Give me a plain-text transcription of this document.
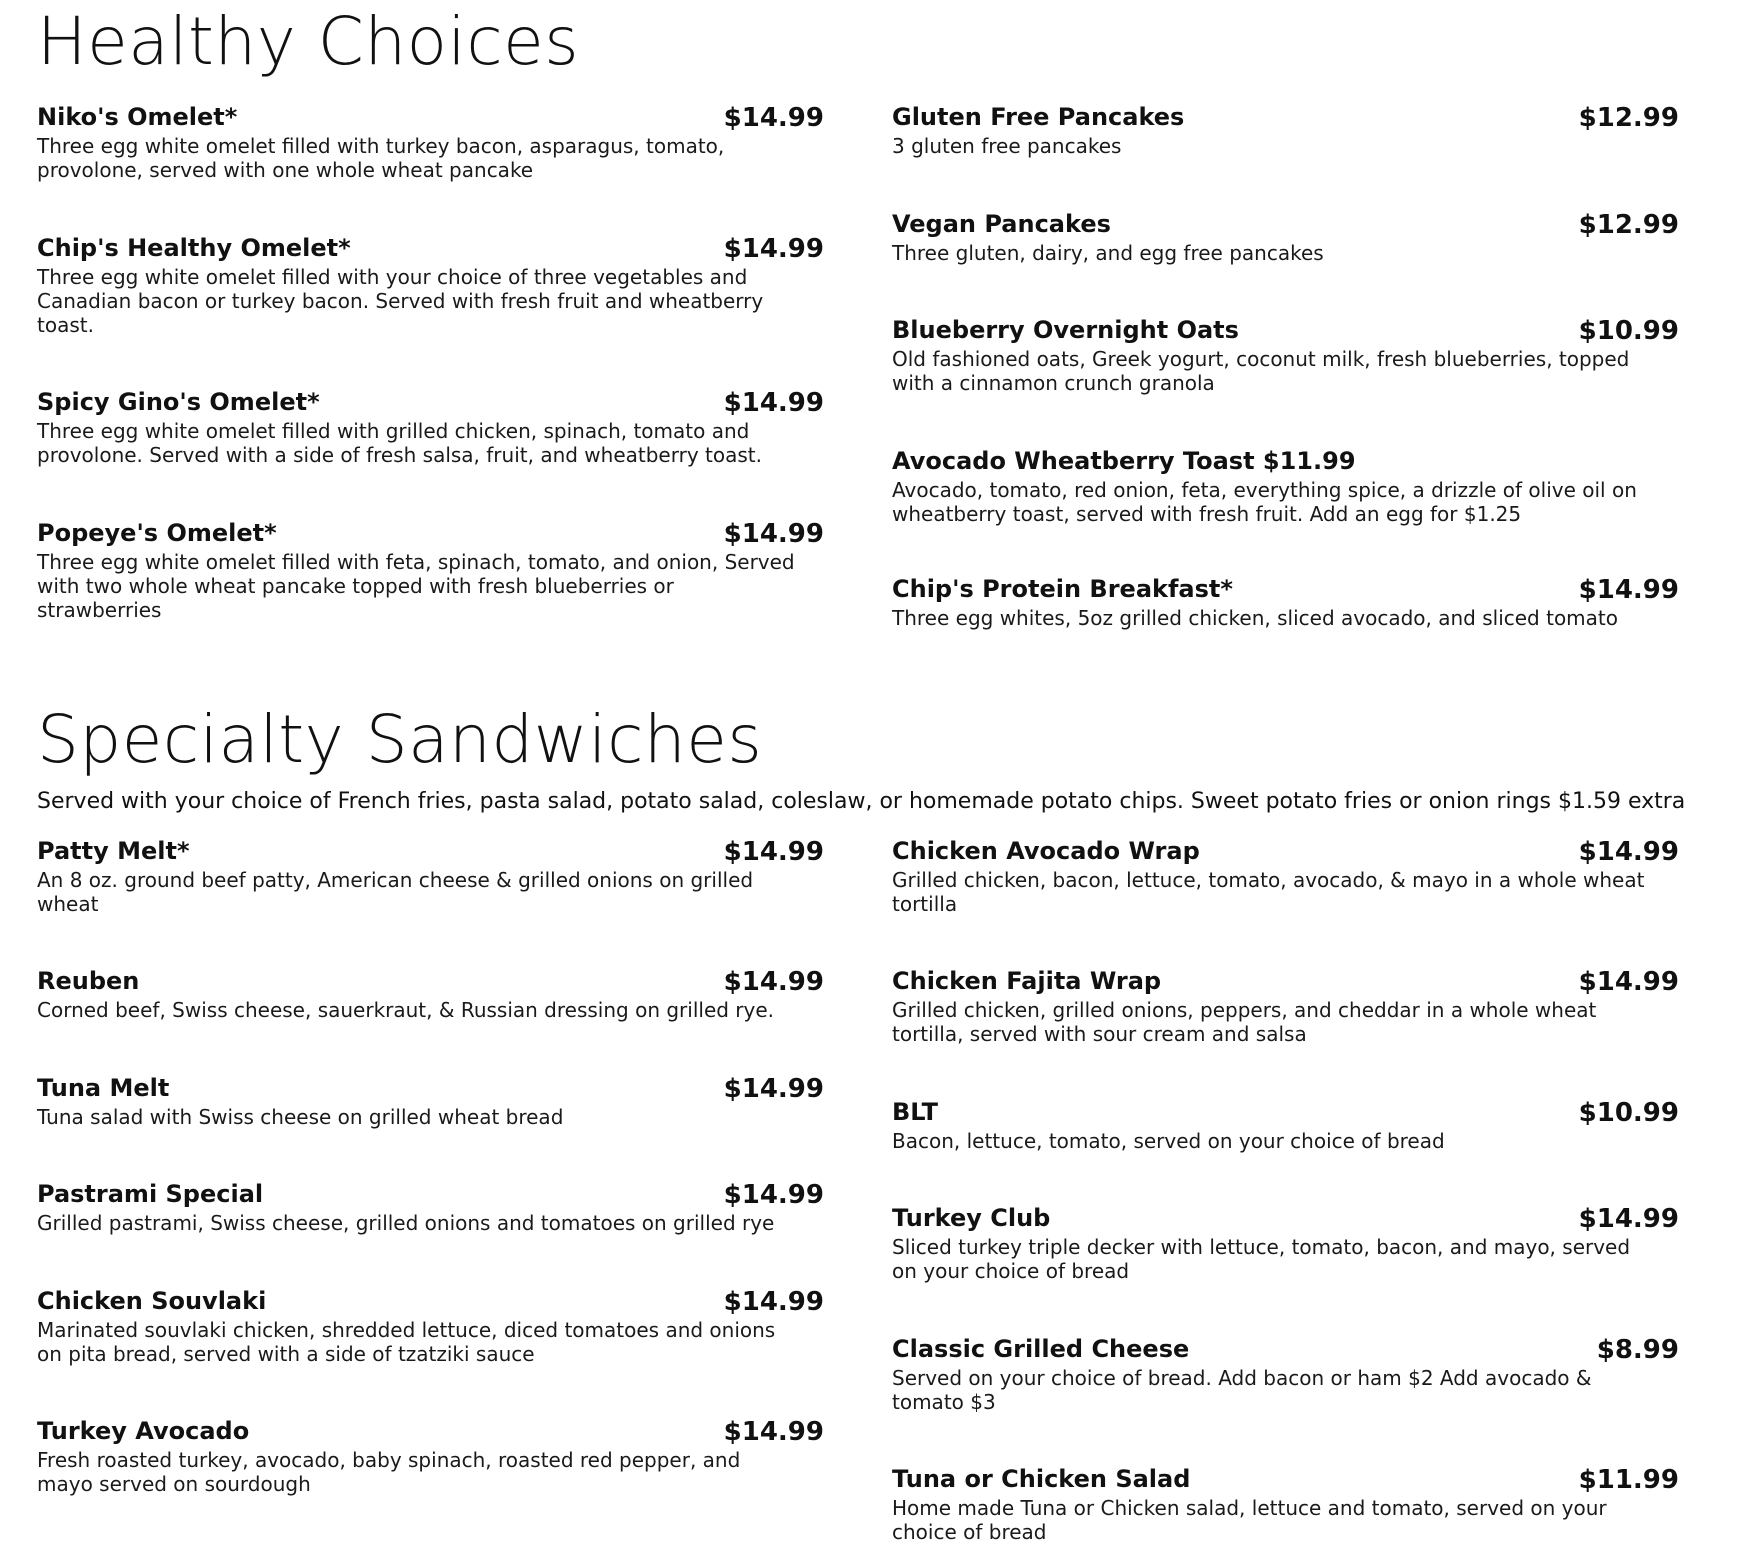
Healthy Choices
Niko's Omelet*	$14.99
Three egg white omelet filled with turkey bacon, asparagus, tomato, provolone, served with one whole wheat pancake
Chip's Healthy Omelet*	$14.99
Three egg white omelet filled with your choice of three vegetables and Canadian bacon or turkey bacon. Served with fresh fruit and wheatberry toast.
Spicy Gino's Omelet*	$14.99
Three egg white omelet filled with grilled chicken, spinach, tomato and provolone. Served with a side of fresh salsa, fruit, and wheatberry toast.
Popeye's Omelet*	$14.99
Three egg white omelet filled with feta, spinach, tomato, and onion, Served with two whole wheat pancake topped with fresh blueberries or strawberries
Gluten Free Pancakes	$12.99
3 gluten free pancakes
Vegan Pancakes	$12.99
Three gluten, dairy, and egg free pancakes
Blueberry Overnight Oats	$10.99
Old fashioned oats, Greek yogurt, coconut milk, fresh blueberries, topped with a cinnamon crunch granola
Avocado Wheatberry Toast $11.99
Avocado, tomato, red onion, feta, everything spice, a drizzle of olive oil on wheatberry toast, served with fresh fruit. Add an egg for $1.25
Chip's Protein Breakfast*	$14.99
Three egg whites, 5oz grilled chicken, sliced avocado, and sliced tomato
Specialty Sandwiches
Served with your choice of French fries, pasta salad, potato salad, coleslaw, or homemade potato chips. Sweet potato fries or onion rings $1.59 extra
Patty Melt*	$14.99
An 8 oz. ground beef patty, American cheese & grilled onions on grilled wheat
Reuben	$14.99
Corned beef, Swiss cheese, sauerkraut, & Russian dressing on grilled rye.
Tuna Melt	$14.99
Tuna salad with Swiss cheese on grilled wheat bread
Pastrami Special	$14.99
Grilled pastrami, Swiss cheese, grilled onions and tomatoes on grilled rye
Chicken Souvlaki	$14.99
Marinated souvlaki chicken, shredded lettuce, diced tomatoes and onions on pita bread, served with a side of tzatziki sauce
Turkey Avocado	$14.99
Fresh roasted turkey, avocado, baby spinach, roasted red pepper, and mayo served on sourdough
Chicken Avocado Wrap	$14.99
Grilled chicken, bacon, lettuce, tomato, avocado, & mayo in a whole wheat tortilla
Chicken Fajita Wrap	$14.99
Grilled chicken, grilled onions, peppers, and cheddar in a whole wheat tortilla, served with sour cream and salsa
BLT	$10.99
Bacon, lettuce, tomato, served on your choice of bread
Turkey Club	$14.99
Sliced turkey triple decker with lettuce, tomato, bacon, and mayo, served on your choice of bread
Classic Grilled Cheese	$8.99
Served on your choice of bread. Add bacon or ham $2 Add avocado & tomato $3
Tuna or Chicken Salad	$11.99
Home made Tuna or Chicken salad, lettuce and tomato, served on your choice of bread
